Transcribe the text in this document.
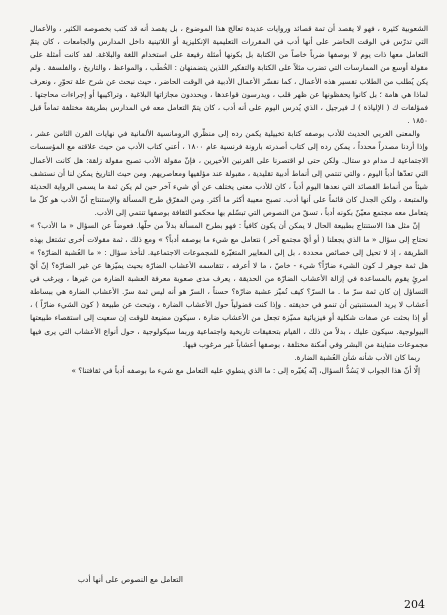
الشعوبية كثيرة ، فهو لا يقصد أن تمة قصائد وروايات عديدة تعالج هذا الموضوع ، بل يقصد أنه قد كتب بخصوصه الكثير ، والأعمال التي تدرّس في الوقت الحاضر على أنها أدب في المقررات التعليمية الإنكليزية أو اللاتينية داخل المدارس والجامعات ، كان يتمّ التعامل معها ذات يوم لا بوصفها ضرباً خاصاً من الكتابة بل بكونها أمثلة رفيعة على استخدام اللغة والبلاغة. لقد كانت أمثلة على مقولة أوسع من الممارسات التي تضرب مثلاً على الكتابة والتفكير اللذين يتضمنهان : الخُطَب ، والمواعظ ، والتاريخ ، والفلسفة . ولم يكن يُطلب من الطلاب تفسير هذه الأعمال ، كما نفسّر الأعمال الأدبية في الوقت الحاضر ، حيث نبحث عن شرح علة تحوّرِ ، ونعرف لماذا هي هامة ؛ بل كانوا يحفظونها عن ظهر قلب ، ويدرسون قواعدها ، ويحددون مجازاتها البلاغية ، وتراكيبها أو إجراءات محاجتها . فمؤلفات ك ( الإلياذة ) لـ فيرجيل ، الذي يُدرس اليوم على أنه أدب ، كان يتمّ التعامل معه في المدارس بطريقة مختلفة تماماً قبل ١٨٥٠ .

والمعنى الغربي الحديث للأدب بوصفه كتابة تخييلية يكمن رده إلى منظّري الرومانسية الألمانية في نهايات القرن الثامن عشر ، وإذا أردنا مصدراً محدداً ، يمكن رده إلى كتاب أصدرته بارونة فرنسية عام ١٨٠٠ ، أعني كتاب الأدب من حيث علاقته مع المؤسسات الاجتماعية لـ مدام دو ستال. ولكن حتى لو اقتصرنا على القرنين الأخيرين ، فإنّ مقولة الأدب تصبح مقولة زلقة: هل كانت الأعمال التي تعدّها أدباً اليوم ، والتي تنتمي إلى أنماط أدبية تقليدية ، مقبولة عند مؤلفيها ومعاصريهم. ومن حيث التاريخ يمكن لنا أن نستشف شيئاً من أنماط القصائد التي نعدها اليوم أدباً ، كان للأدب معنى يختلف عن أي شيء آخر حين لم يكن ثمة ما يسمى الرواية الحديثة والمتبعة ، ولكن الجدل كان قائماً على أنها أدب. تصبح معيبة أكثر ما أكثر. ومن المفرّق طرح المسألة والإستنتاج أنّ الأدب هو كلّ ما يتعامل معه مجتمع معيّنٌ بكونه أدباً ، تسقّ من النصوص التي تبسّلم بها محكمو الثقافة بوصفها تنتمي إلى الأدب.

إنّ مثل هذا الاستنتاج بطبيعة الحال لا يمكن أن يكون كافياً : فهو بطرح المسألة بدلاً من حلّها. فعوضاً عن السؤال « ما الأدب؟ » نحتاج إلى سؤال « ما الذي يجعلنا ( أو أيّ مجتمع آخر ) نتعامل مع شيء ما بوصفه أدباً؟ » ومع ذلك ، ثمة مقولات أخرى تشتغل بهذه الطريقة ، إذ لا تحيل إلى خصائص محددة ، بل إلى المعايير المتغيّرة للمجموعات الاجتماعية. لنأخذ سؤال : « ما العُشبة الضارّة؟ » هل ثمة جوهر لـ كون الشيء ضارّاً؟ شيء - خاصّ ، ما لا أعرفه ، تتقاسمه الأعشاب الضارّة بحيث يميّزها عن غير الضارّة؟ إنّ أيّ امرئٍ يقوم بالمساعدة في إزالة الأعشاب الضارّة من الحديقة ، يعرف مدى صعوبة معرفة العشبة الضارة من غيرها ، ويرغب في التساؤل إن كان ثمة سرّ ما . ما السرّ؟ كيف تُميّز عشبة ضارّة؟ حسناً ، السرّ هو أنه ليس ثمة سرّ. الأعشاب الضارة هي ببساطة أعشاب لا يريد المستنبتين أن تنمو في حديقته . وإذا كنت فضولياً حول الأعشاب الضارة ، وتبحث عن طبيعة ( كون الشيء ضارّاً ) ، أو إذا بحثت عن صفات شكلية أو فيزيائية مميّزة تجعل من الأعشاب ضارة ، سيكون مضيعة للوقت إن سعيت إلى استقصاء طبيعتها البيولوجية. سيكون عليك ، بدلاً من ذلك ، القيام بتحقيقات تاريخية واجتماعية وربما سيكولوجية ، حول أنواع الأعشاب التي يرى فيها مجموعات متباينة من البشر وفي أمكنة مختلفة ، بوصفها أعشاباً غير مرغوب فيها.

ربما كان الأدب شأنه شأن العُشبة الضارة.

إلّا أنّ هذا الجواب لا يَسُدُّ السؤال، إنّه يُغيّره إلى : ما الذي ينطوي عليه التعامل مع شيء ما بوصفه أدباً في ثقافتنا؟ »

التعامل مع النصوص على أنها أدب
204
